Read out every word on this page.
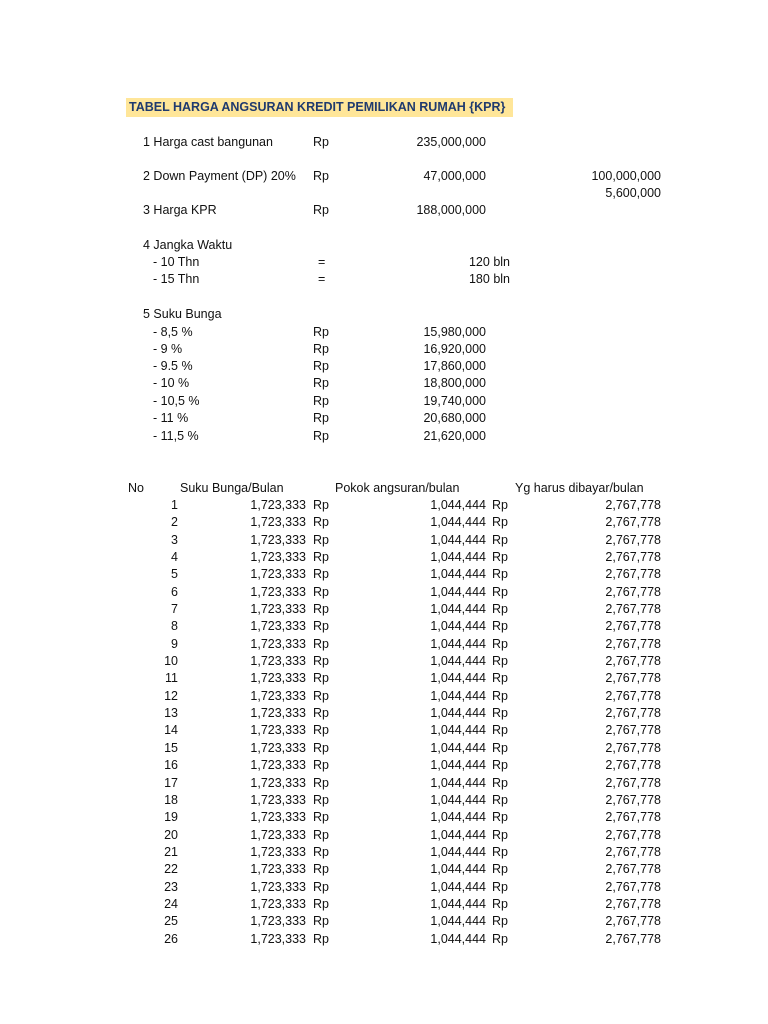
TABEL HARGA ANGSURAN KREDIT PEMILIKAN RUMAH {KPR}
1 Harga cast bangunan	Rp	235,000,000
2 Down Payment (DP) 20% Rp	47,000,000	100,000,000
5,600,000
3 Harga KPR	Rp	188,000,000
4 Jangka Waktu
- 10 Thn	=	120 bln
- 15 Thn	=	180 bln
5 Suku Bunga
- 8,5 %	Rp	15,980,000
- 9 %	Rp	16,920,000
- 9.5 %	Rp	17,860,000
- 10 %	Rp	18,800,000
- 10,5 %	Rp	19,740,000
- 11 %	Rp	20,680,000
- 11,5 %	Rp	21,620,000
No	Suku Bunga/Bulan	Pokok angsuran/bulan	Yg harus dibayar/bulan
1	1,723,333 Rp	1,044,444 Rp	2,767,778
2	1,723,333 Rp	1,044,444 Rp	2,767,778
3	1,723,333 Rp	1,044,444 Rp	2,767,778
4	1,723,333 Rp	1,044,444 Rp	2,767,778
5	1,723,333 Rp	1,044,444 Rp	2,767,778
6	1,723,333 Rp	1,044,444 Rp	2,767,778
7	1,723,333 Rp	1,044,444 Rp	2,767,778
8	1,723,333 Rp	1,044,444 Rp	2,767,778
9	1,723,333 Rp	1,044,444 Rp	2,767,778
10	1,723,333 Rp	1,044,444 Rp	2,767,778
11	1,723,333 Rp	1,044,444 Rp	2,767,778
12	1,723,333 Rp	1,044,444 Rp	2,767,778
13	1,723,333 Rp	1,044,444 Rp	2,767,778
14	1,723,333 Rp	1,044,444 Rp	2,767,778
15	1,723,333 Rp	1,044,444 Rp	2,767,778
16	1,723,333 Rp	1,044,444 Rp	2,767,778
17	1,723,333 Rp	1,044,444 Rp	2,767,778
18	1,723,333 Rp	1,044,444 Rp	2,767,778
19	1,723,333 Rp	1,044,444 Rp	2,767,778
20	1,723,333 Rp	1,044,444 Rp	2,767,778
21	1,723,333 Rp	1,044,444 Rp	2,767,778
22	1,723,333 Rp	1,044,444 Rp	2,767,778
23	1,723,333 Rp	1,044,444 Rp	2,767,778
24	1,723,333 Rp	1,044,444 Rp	2,767,778
25	1,723,333 Rp	1,044,444 Rp	2,767,778
26	1,723,333 Rp	1,044,444 Rp	2,767,778
